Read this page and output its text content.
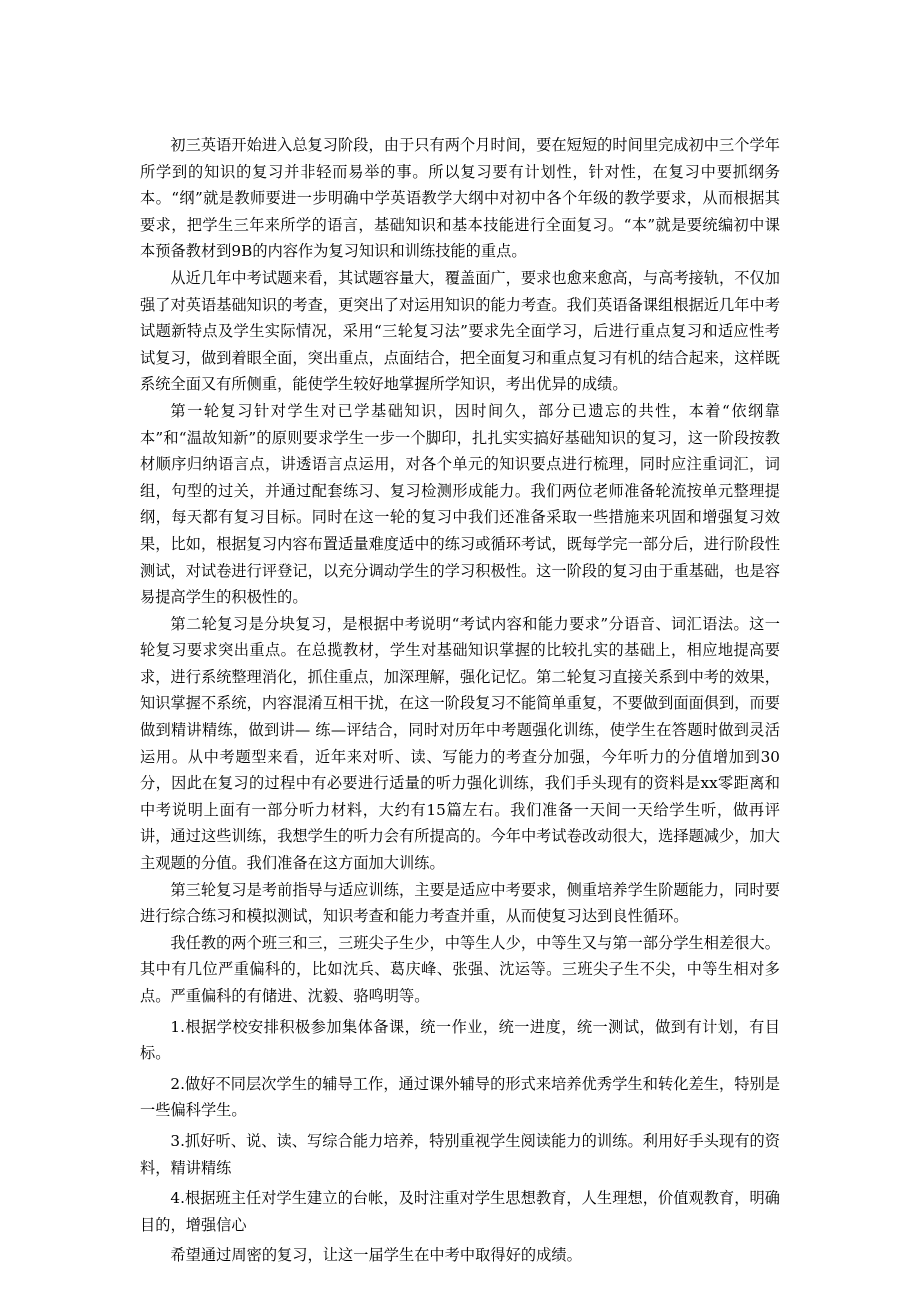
初三英语开始进入总复习阶段，由于只有两个月时间，要在短短的时间里完成初中三个学年所学到的知识的复习并非轻而易举的事。所以复习要有计划性，针对性，在复习中要抓纲务本。“纲”就是教师要进一步明确中学英语教学大纲中对初中各个年级的教学要求，从而根据其要求，把学生三年来所学的语言，基础知识和基本技能进行全面复习。“本”就是要统编初中课本预备教材到9B的内容作为复习知识和训练技能的重点。

从近几年中考试题来看，其试题容量大，覆盖面广，要求也愈来愈高，与高考接轨，不仅加强了对英语基础知识的考查，更突出了对运用知识的能力考查。我们英语备课组根据近几年中考试题新特点及学生实际情况，采用“三轮复习法”要求先全面学习，后进行重点复习和适应性考试复习，做到着眼全面，突出重点，点面结合，把全面复习和重点复习有机的结合起来，这样既系统全面又有所侧重，能使学生较好地掌握所学知识，考出优异的成绩。

第一轮复习针对学生对已学基础知识，因时间久，部分已遗忘的共性，本着“依纲靠本”和“温故知新”的原则要求学生一步一个脚印，扎扎实实搞好基础知识的复习，这一阶段按教材顺序归纳语言点，讲透语言点运用，对各个单元的知识要点进行梳理，同时应注重词汇，词组，句型的过关，并通过配套练习、复习检测形成能力。我们两位老师准备轮流按单元整理提纲，每天都有复习目标。同时在这一轮的复习中我们还准备采取一些措施来巩固和增强复习效果，比如，根据复习内容布置适量难度适中的练习或循环考试，既每学完一部分后，进行阶段性测试，对试卷进行评登记，以充分调动学生的学习积极性。这一阶段的复习由于重基础，也是容易提高学生的积极性的。

第二轮复习是分块复习，是根据中考说明“考试内容和能力要求”分语音、词汇语法。这一轮复习要求突出重点。在总揽教材，学生对基础知识掌握的比较扎实的基础上，相应地提高要求，进行系统整理消化，抓住重点，加深理解，强化记忆。第二轮复习直接关系到中考的效果，知识掌握不系统，内容混淆互相干扰，在这一阶段复习不能简单重复，不要做到面面俱到，而要做到精讲精练，做到讲— 练—评结合，同时对历年中考题强化训练，使学生在答题时做到灵活运用。从中考题型来看，近年来对听、读、写能力的考查分加强，今年听力的分值增加到30分，因此在复习的过程中有必要进行适量的听力强化训练，我们手头现有的资料是xx零距离和中考说明上面有一部分听力材料，大约有15篇左右。我们准备一天间一天给学生听，做再评讲，通过这些训练，我想学生的听力会有所提高的。今年中考试卷改动很大，选择题减少，加大主观题的分值。我们准备在这方面加大训练。

第三轮复习是考前指导与适应训练，主要是适应中考要求，侧重培养学生阶题能力，同时要进行综合练习和模拟测试，知识考查和能力考查并重，从而使复习达到良性循环。

我任教的两个班三和三，三班尖子生少，中等生人少，中等生又与第一部分学生相差很大。其中有几位严重偏科的，比如沈兵、葛庆峰、张强、沈运等。三班尖子生不尖，中等生相对多点。严重偏科的有储进、沈毅、骆鸣明等。

1.根据学校安排积极参加集体备课，统一作业，统一进度，统一测试，做到有计划，有目标。

2.做好不同层次学生的辅导工作，通过课外辅导的形式来培养优秀学生和转化差生，特别是一些偏科学生。

3.抓好听、说、读、写综合能力培养，特别重视学生阅读能力的训练。利用好手头现有的资料，精讲精练

4.根据班主任对学生建立的台帐，及时注重对学生思想教育，人生理想，价值观教育，明确目的，增强信心

希望通过周密的复习，让这一届学生在中考中取得好的成绩。
